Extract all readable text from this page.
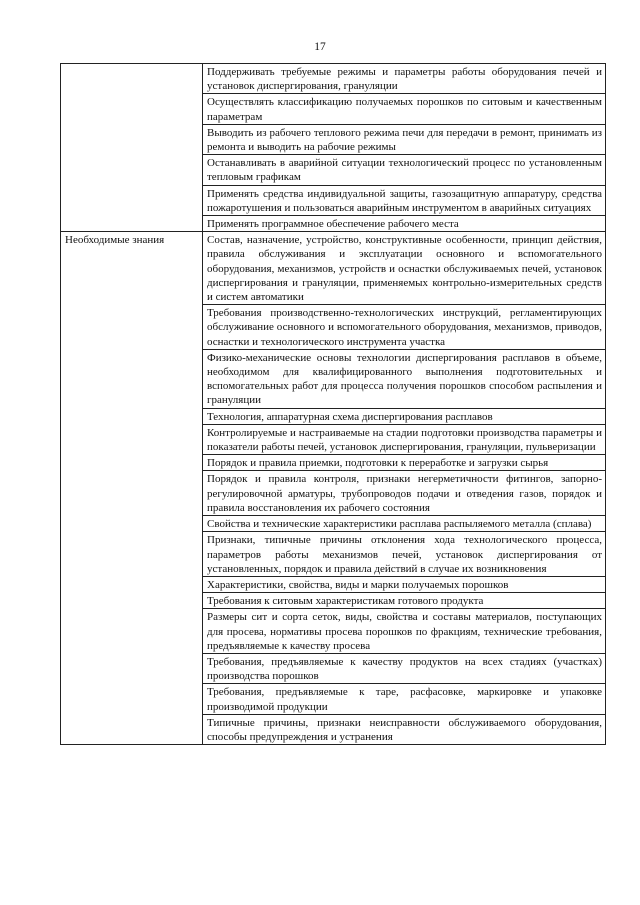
17
	Поддерживать требуемые режимы и параметры работы оборудования печей и установок диспергирования, грануляции
	Осуществлять классификацию получаемых порошков по ситовым и качественным параметрам
	Выводить из рабочего теплового режима печи для передачи в ремонт, принимать из ремонта и выводить на рабочие режимы
	Останавливать в аварийной ситуации технологический процесс по установленным тепловым графикам
	Применять средства индивидуальной защиты, газозащитную аппаратуру, средства пожаротушения и пользоваться аварийным инструментом в аварийных ситуациях
	Применять программное обеспечение рабочего места
Необходимые знания	Состав, назначение, устройство, конструктивные особенности, принцип действия, правила обслуживания и эксплуатации основного и вспомогательного оборудования, механизмов, устройств и оснастки обслуживаемых печей, установок диспергирования и грануляции, применяемых контрольно-измерительных средств и систем автоматики
	Требования производственно-технологических инструкций, регламентирующих обслуживание основного и вспомогательного оборудования, механизмов, приводов, оснастки и технологического инструмента участка
	Физико-механические основы технологии диспергирования расплавов в объеме, необходимом для квалифицированного выполнения подготовительных и вспомогательных работ для процесса получения порошков способом распыления и грануляции
	Технология, аппаратурная схема диспергирования расплавов
	Контролируемые и настраиваемые на стадии подготовки производства параметры и показатели работы печей, установок диспергирования, грануляции, пульверизации
	Порядок и правила приемки, подготовки к переработке и загрузки сырья
	Порядок и правила контроля, признаки негерметичности фитингов, запорно-регулировочной арматуры, трубопроводов подачи и отведения газов, порядок и правила восстановления их рабочего состояния
	Свойства и технические характеристики расплава распыляемого металла (сплава)
	Признаки, типичные причины отклонения хода технологического процесса, параметров работы механизмов печей, установок диспергирования от установленных, порядок и правила действий в случае их возникновения
	Характеристики, свойства, виды и марки получаемых порошков
	Требования к ситовым характеристикам готового продукта
	Размеры сит и сорта сеток, виды, свойства и составы материалов, поступающих для просева, нормативы просева порошков по фракциям, технические требования, предъявляемые к качеству просева
	Требования, предъявляемые к качеству продуктов на всех стадиях (участках) производства порошков
	Требования, предъявляемые к таре, расфасовке, маркировке и упаковке производимой продукции
	Типичные причины, признаки неисправности обслуживаемого оборудования, способы предупреждения и устранения
